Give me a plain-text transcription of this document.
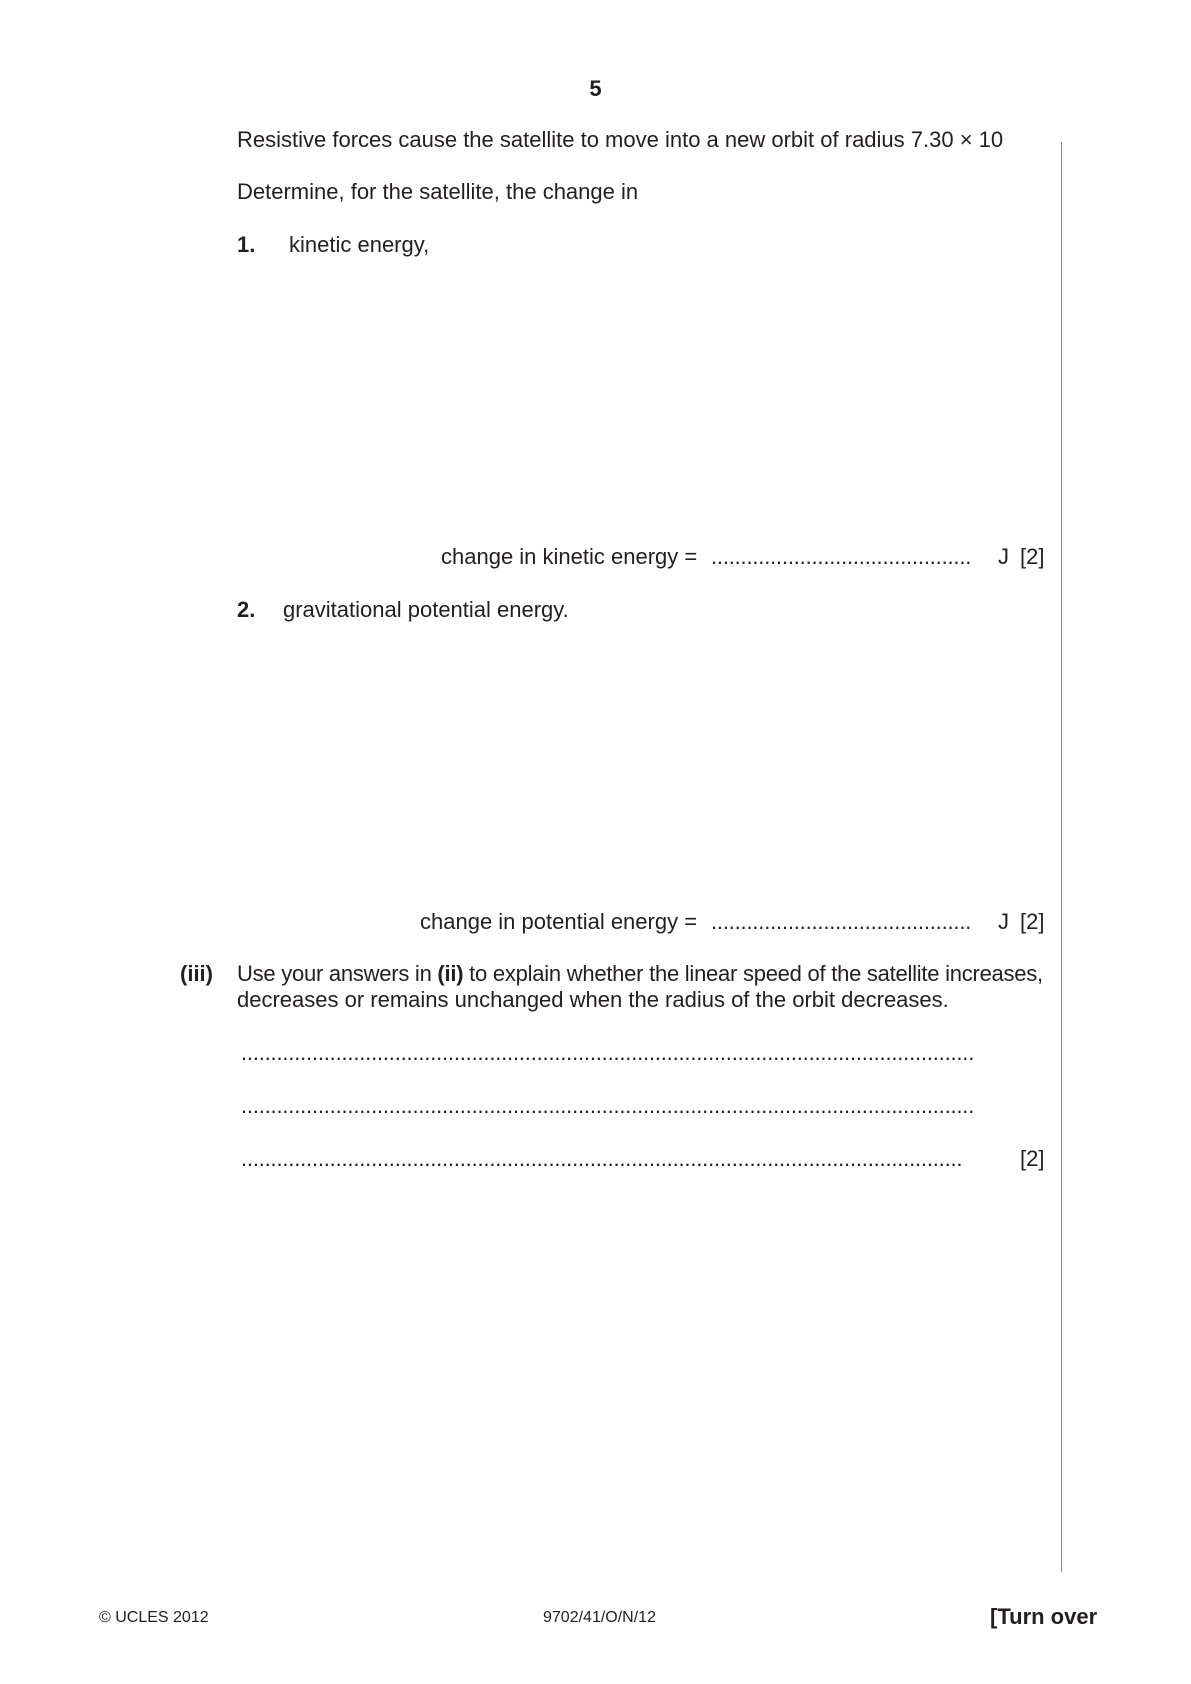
5
Resistive forces cause the satellite to move into a new orbit of radius 7.30 × 10
Determine, for the satellite, the change in
1. kinetic energy,
change in kinetic energy = ............................................ J [2]
2. gravitational potential energy.
change in potential energy = ............................................ J [2]
(iii) Use your answers in (ii) to explain whether the linear speed of the satellite increases,
decreases or remains unchanged when the radius of the orbit decreases.
............................................................................................................................
............................................................................................................................
..........................................................................................................................	[2]
© UCLES 2012	9702/41/O/N/12	[Turn over
